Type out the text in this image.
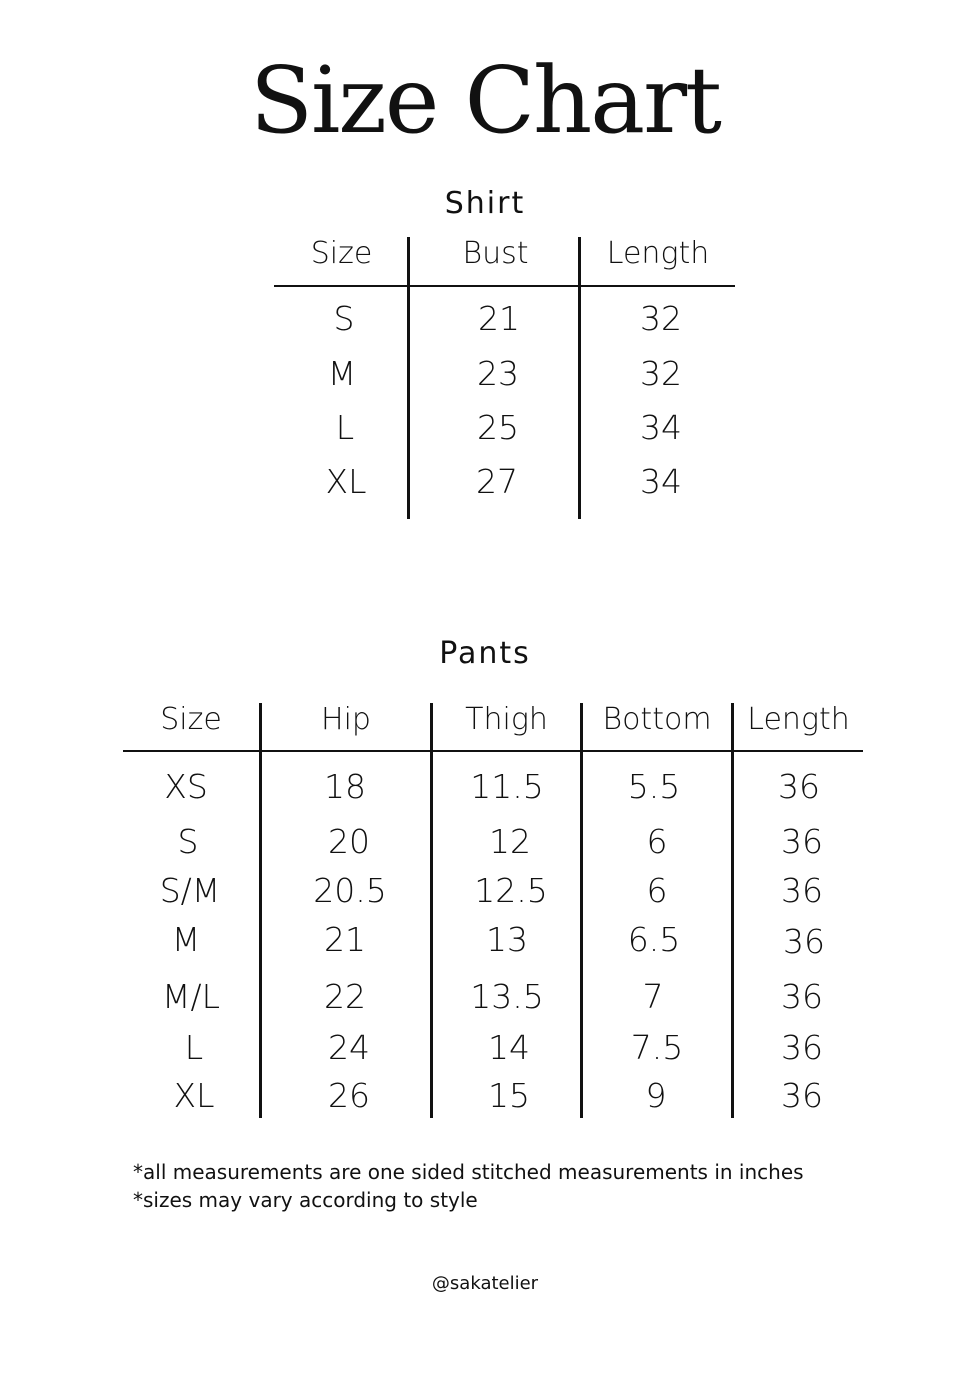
Size Chart
Shirt
Size	Bust	Length
S	21	32
M	23	32
L	25	34
XL	27	34
Pants
Size	Hip	Thigh	Bottom	Length
XS	18	11.5	5.5	36
S	20	12	6	36
S/M	20.5	12.5	6	36
M	21	13	6.5	36
M/L	22	13.5	7	36
L	24	14	7.5	36
XL	26	15	9	36
*all measurements are one sided stitched measurements in inches
*sizes may vary according to style
@sakatelier
